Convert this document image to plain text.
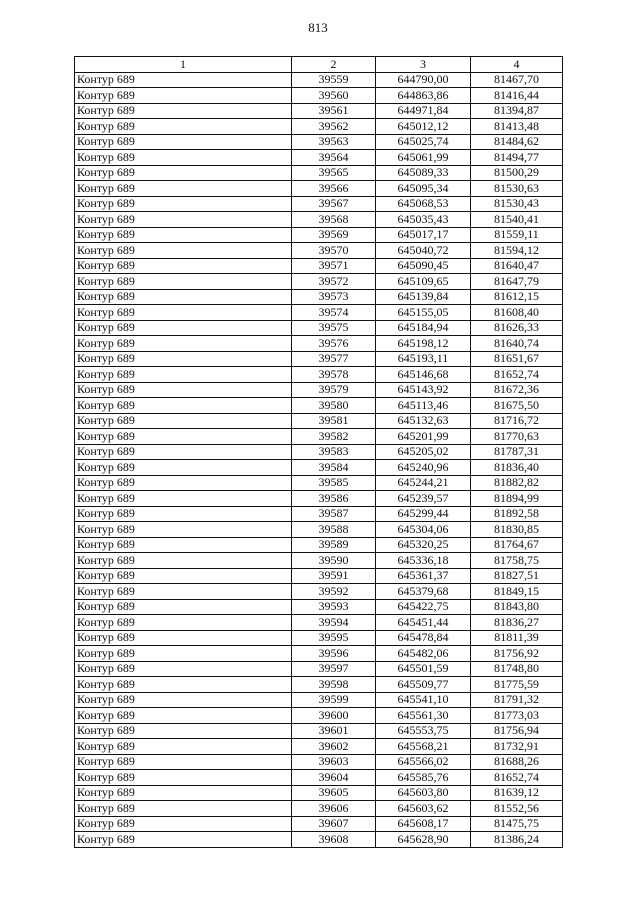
813
1	2	3	4
Контур 689	39559	644790,00	81467,70
Контур 689	39560	644863,86	81416,44
Контур 689	39561	644971,84	81394,87
Контур 689	39562	645012,12	81413,48
Контур 689	39563	645025,74	81484,62
Контур 689	39564	645061,99	81494,77
Контур 689	39565	645089,33	81500,29
Контур 689	39566	645095,34	81530,63
Контур 689	39567	645068,53	81530,43
Контур 689	39568	645035,43	81540,41
Контур 689	39569	645017,17	81559,11
Контур 689	39570	645040,72	81594,12
Контур 689	39571	645090,45	81640,47
Контур 689	39572	645109,65	81647,79
Контур 689	39573	645139,84	81612,15
Контур 689	39574	645155,05	81608,40
Контур 689	39575	645184,94	81626,33
Контур 689	39576	645198,12	81640,74
Контур 689	39577	645193,11	81651,67
Контур 689	39578	645146,68	81652,74
Контур 689	39579	645143,92	81672,36
Контур 689	39580	645113,46	81675,50
Контур 689	39581	645132,63	81716,72
Контур 689	39582	645201,99	81770,63
Контур 689	39583	645205,02	81787,31
Контур 689	39584	645240,96	81836,40
Контур 689	39585	645244,21	81882,82
Контур 689	39586	645239,57	81894,99
Контур 689	39587	645299,44	81892,58
Контур 689	39588	645304,06	81830,85
Контур 689	39589	645320,25	81764,67
Контур 689	39590	645336,18	81758,75
Контур 689	39591	645361,37	81827,51
Контур 689	39592	645379,68	81849,15
Контур 689	39593	645422,75	81843,80
Контур 689	39594	645451,44	81836,27
Контур 689	39595	645478,84	81811,39
Контур 689	39596	645482,06	81756,92
Контур 689	39597	645501,59	81748,80
Контур 689	39598	645509,77	81775,59
Контур 689	39599	645541,10	81791,32
Контур 689	39600	645561,30	81773,03
Контур 689	39601	645553,75	81756,94
Контур 689	39602	645568,21	81732,91
Контур 689	39603	645566,02	81688,26
Контур 689	39604	645585,76	81652,74
Контур 689	39605	645603,80	81639,12
Контур 689	39606	645603,62	81552,56
Контур 689	39607	645608,17	81475,75
Контур 689	39608	645628,90	81386,24
